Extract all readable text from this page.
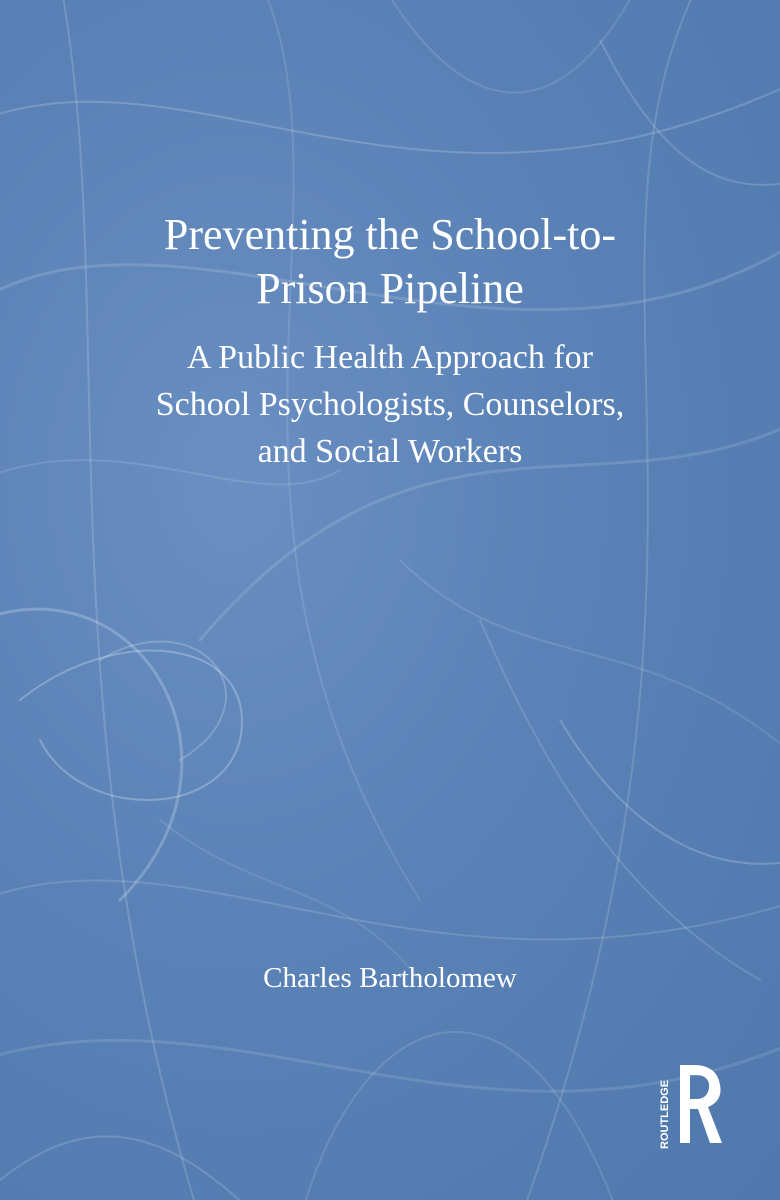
Preventing the School-to-
Prison Pipeline
A Public Health Approach for
School Psychologists, Counselors,
and Social Workers

Charles Bartholomew

ROUTLEDGE
